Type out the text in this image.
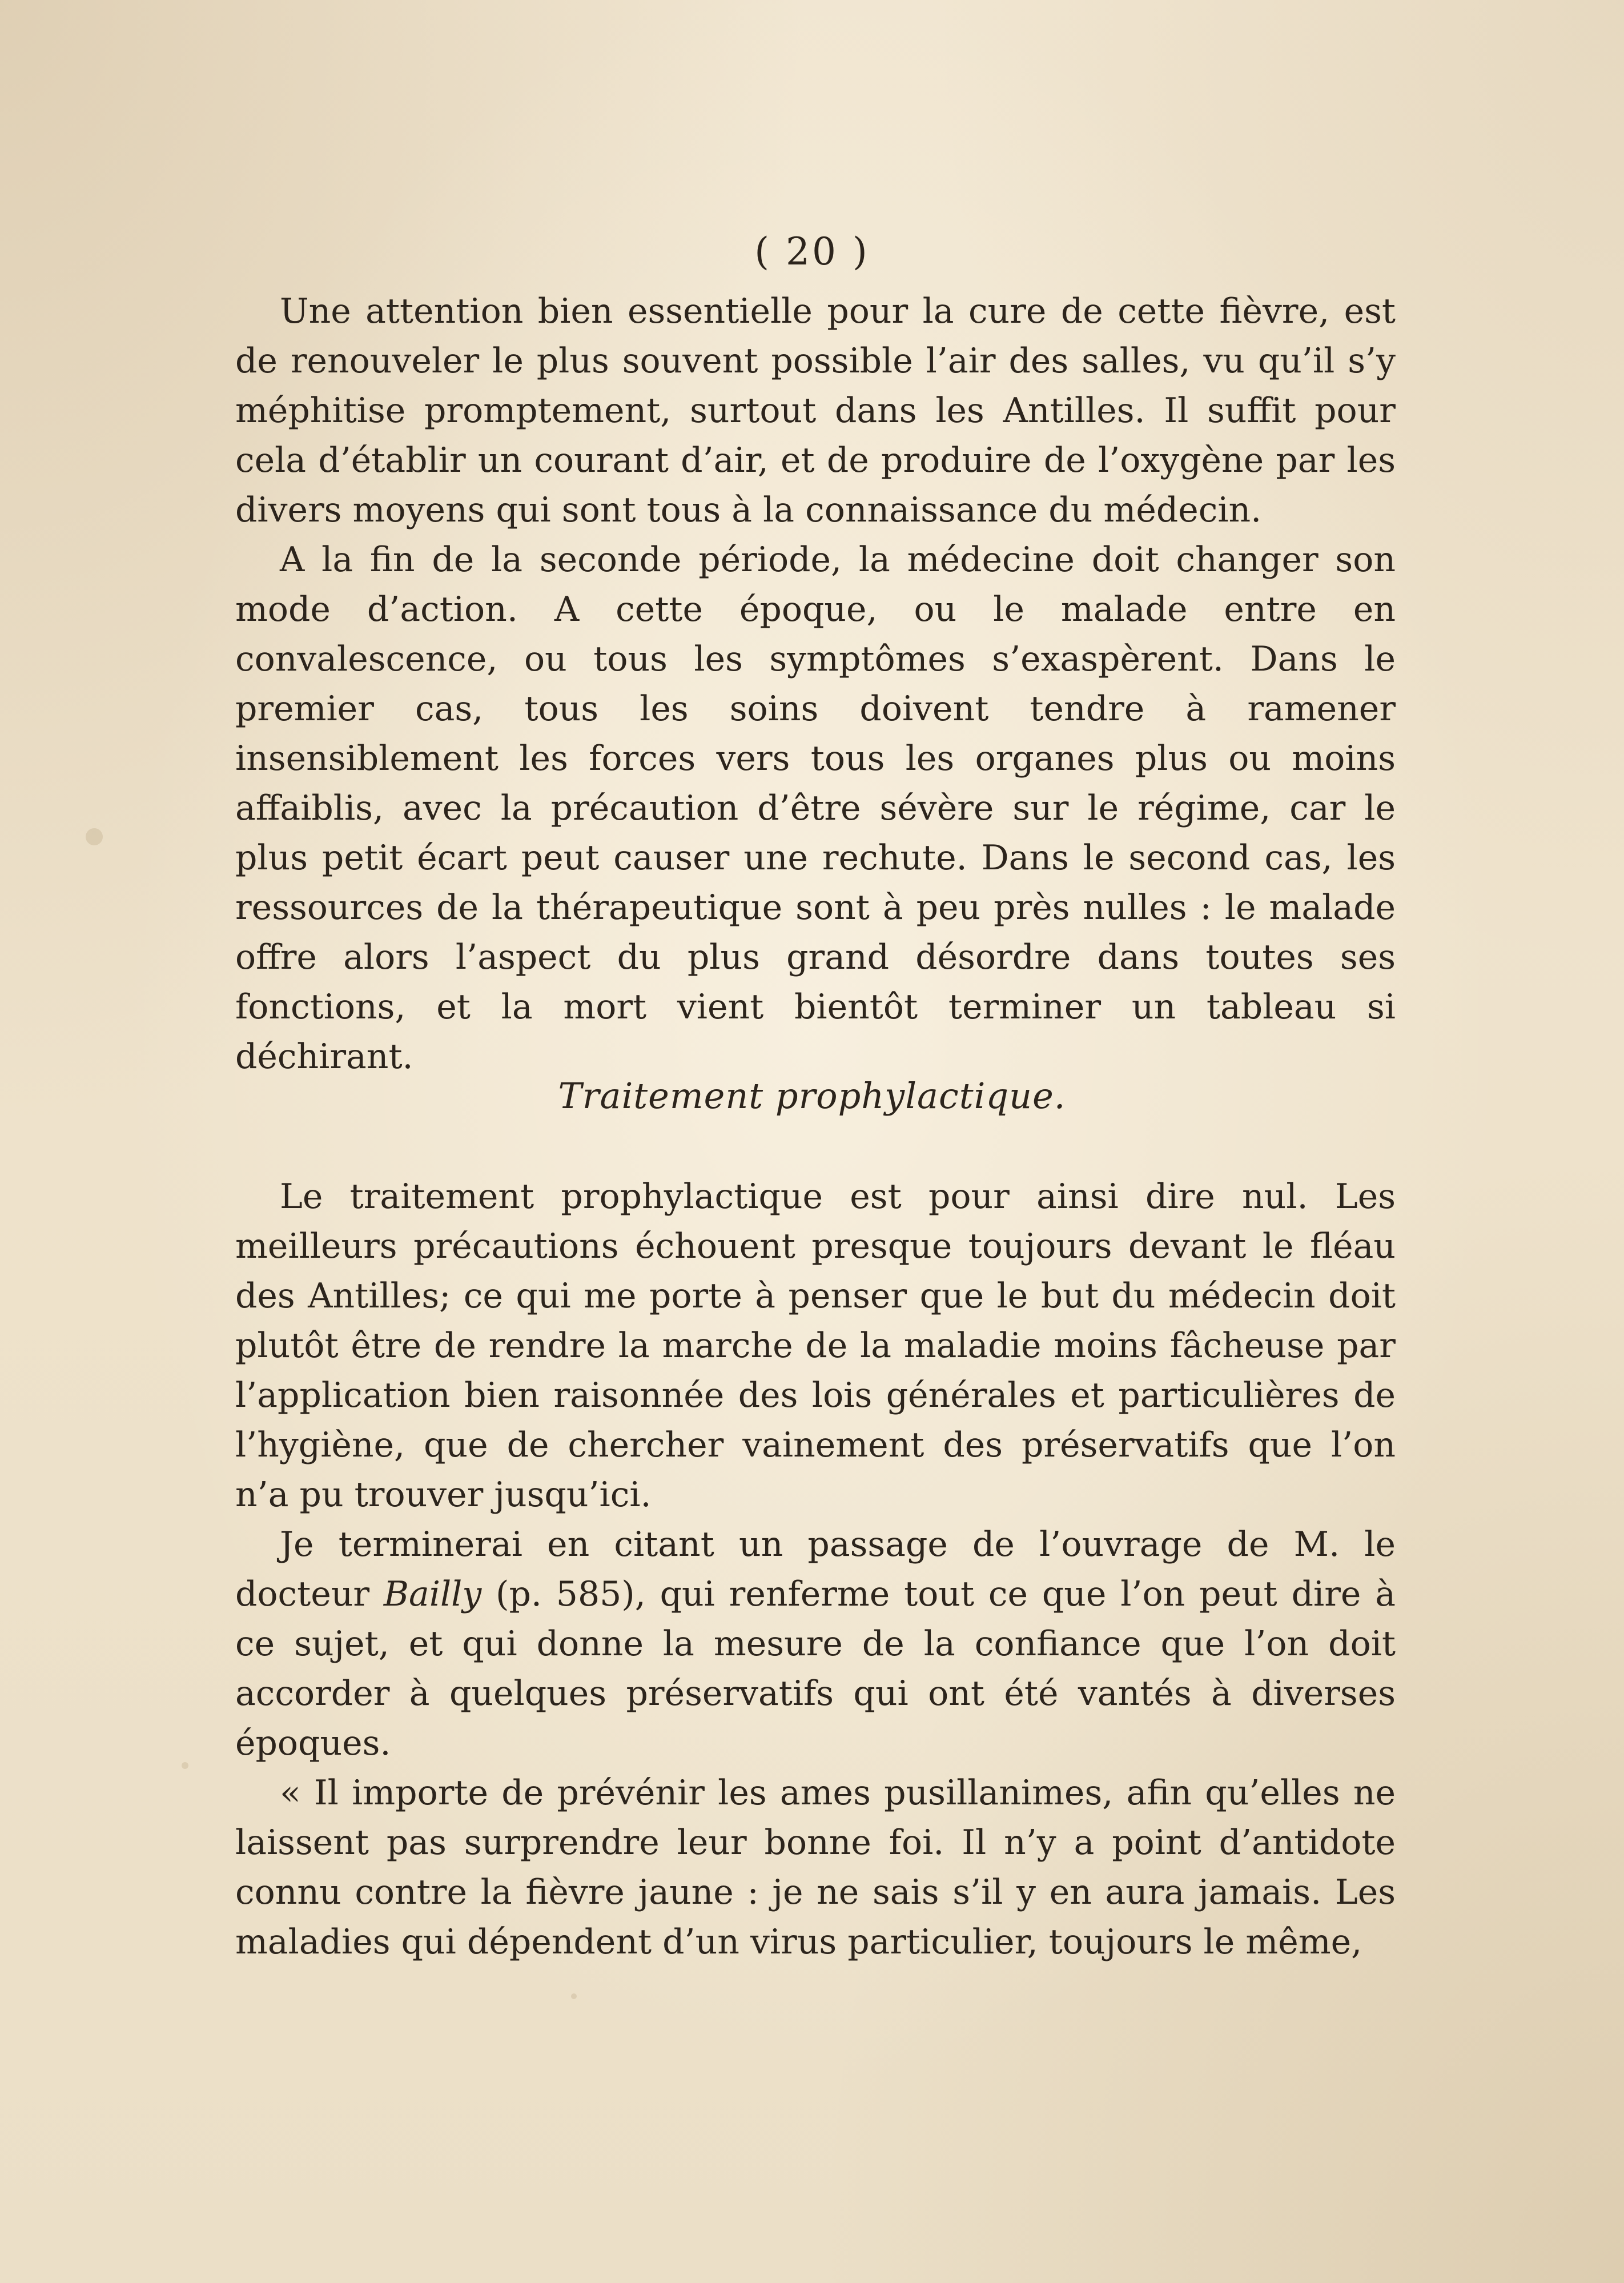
( 20 )

Une attention bien essentielle pour la cure de cette fièvre, est de renouveler le plus souvent possible l’air des salles, vu qu’il s’y méphitise promptement, surtout dans les Antilles. Il suffit pour cela d’établir un courant d’air, et de produire de l’oxygène par les divers moyens qui sont tous à la connaissance du médecin.

A la fin de la seconde période, la médecine doit changer son mode d’action. A cette époque, ou le malade entre en convalescence, ou tous les symptômes s’exaspèrent. Dans le premier cas, tous les soins doivent tendre à ramener insensiblement les forces vers tous les organes plus ou moins affaiblis, avec la précaution d’être sévère sur le régime, car le plus petit écart peut causer une rechute. Dans le second cas, les ressources de la thérapeutique sont à peu près nulles : le malade offre alors l’aspect du plus grand désordre dans toutes ses fonctions, et la mort vient bientôt terminer un tableau si déchirant.

Traitement prophylactique.

Le traitement prophylactique est pour ainsi dire nul. Les meilleurs précautions échouent presque toujours devant le fléau des Antilles; ce qui me porte à penser que le but du médecin doit plutôt être de rendre la marche de la maladie moins fâcheuse par l’application bien raisonnée des lois générales et particulières de l’hygiène, que de chercher vainement des préservatifs que l’on n’a pu trouver jusqu’ici.

Je terminerai en citant un passage de l’ouvrage de M. le docteur Bailly (p. 585), qui renferme tout ce que l’on peut dire à ce sujet, et qui donne la mesure de la confiance que l’on doit accorder à quelques préservatifs qui ont été vantés à diverses époques.

« Il importe de prévénir les ames pusillanimes, afin qu’elles ne laissent pas surprendre leur bonne foi. Il n’y a point d’antidote connu contre la fièvre jaune : je ne sais s’il y en aura jamais. Les maladies qui dépendent d’un virus particulier, toujours le même,
